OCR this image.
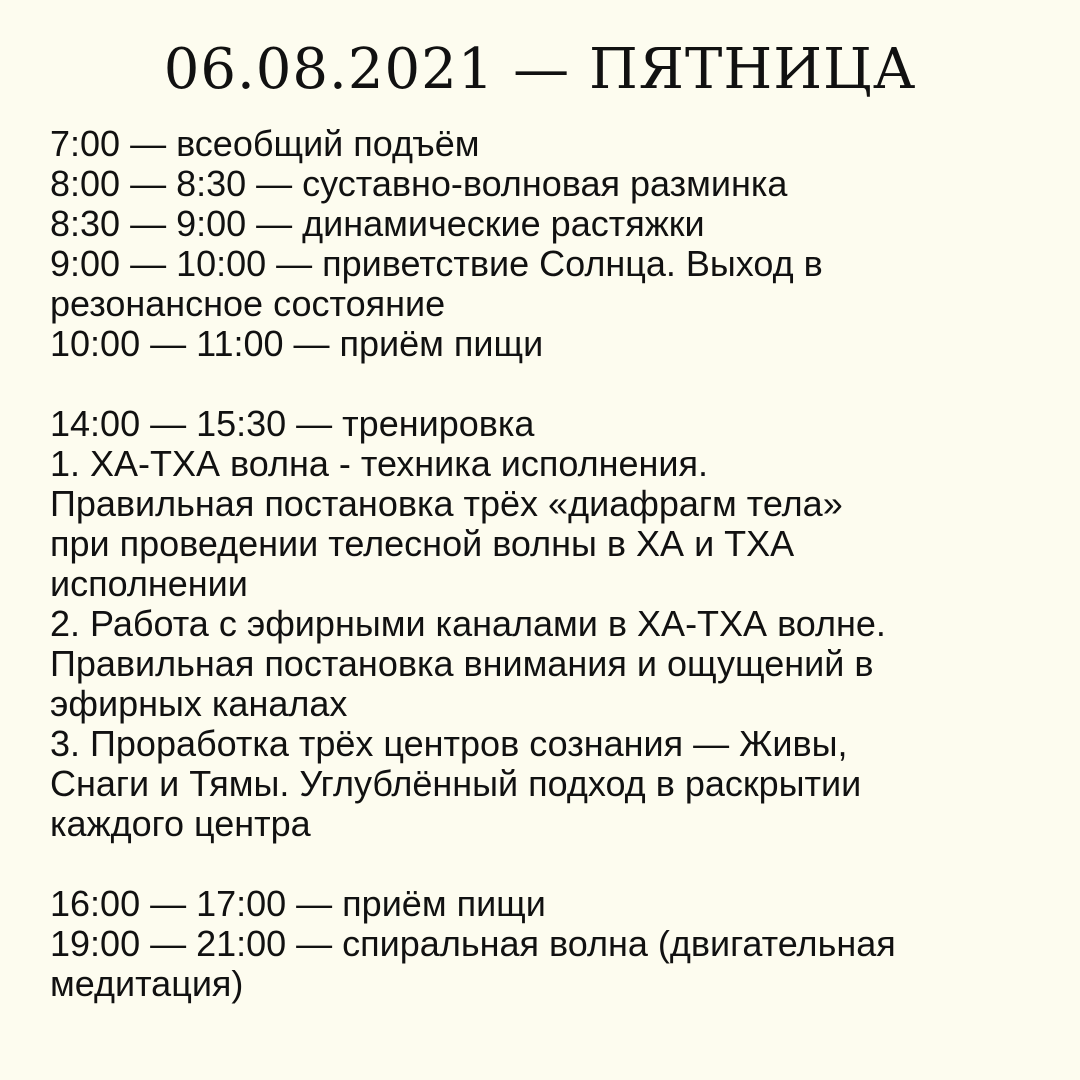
06.08.2021 — ПЯТНИЦА
7:00 — всеобщий подъём
8:00 — 8:30 — суставно-волновая разминка
8:30 — 9:00 — динамические растяжки
9:00 — 10:00 — приветствие Солнца. Выход в
резонансное состояние
10:00 — 11:00 — приём пищи
14:00 — 15:30 — тренировка
1. ХА-ТХА волна - техника исполнения.
Правильная постановка трёх «диафрагм тела»
при проведении телесной волны в ХА и ТХА
исполнении
2. Работа с эфирными каналами в ХА-ТХА волне.
Правильная постановка внимания и ощущений в
эфирных каналах
3. Проработка трёх центров сознания — Живы,
Снаги и Тямы. Углублённый подход в раскрытии
каждого центра
16:00 — 17:00 — приём пищи
19:00 — 21:00 — спиральная волна (двигательная
медитация)
